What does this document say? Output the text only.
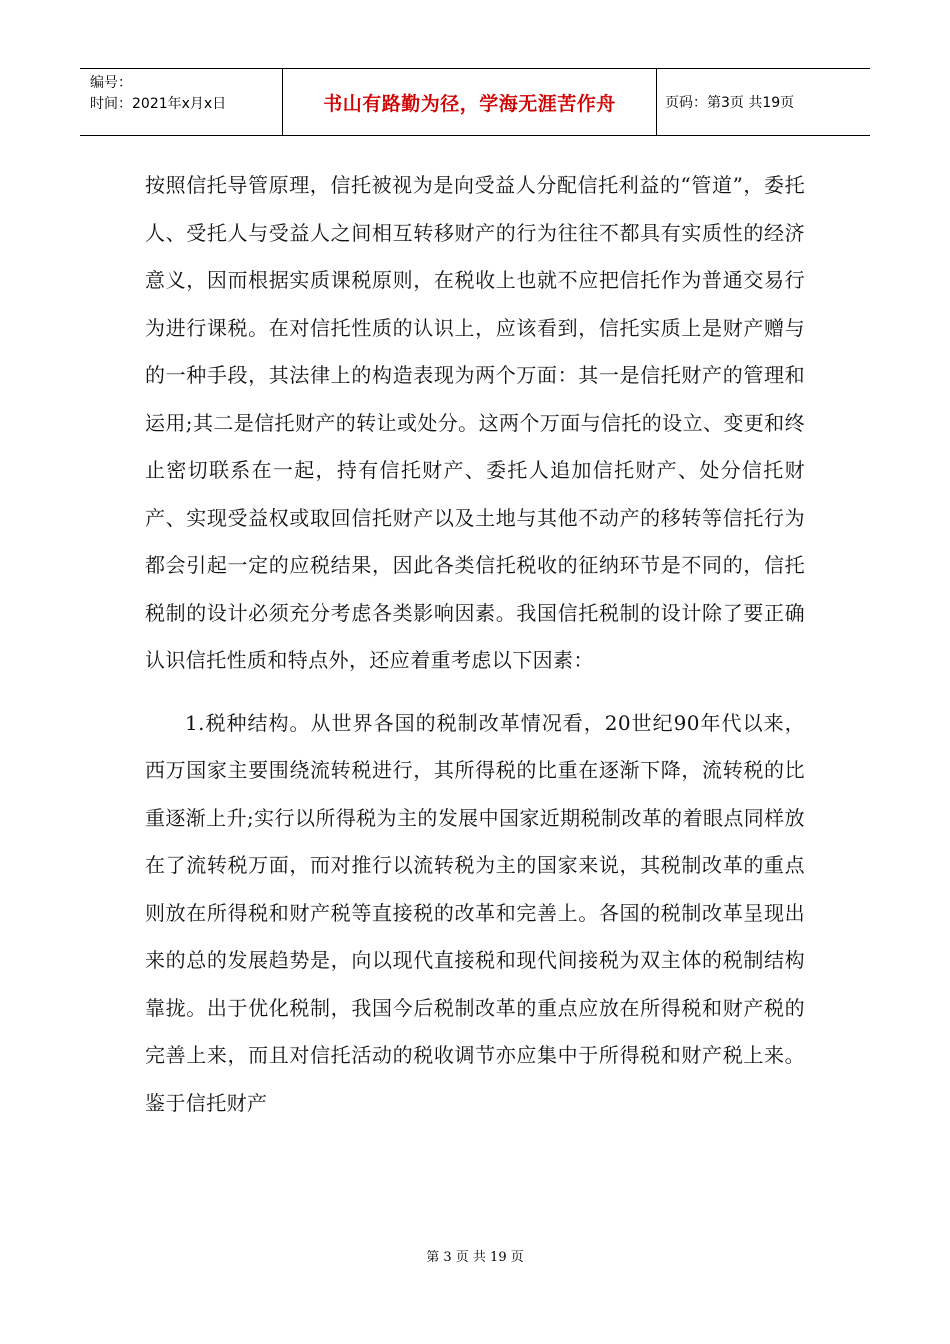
编号：
时间：2021年x月x日	书山有路勤为径，学海无涯苦作舟	页码：第3页 共19页

按照信托导管原理，信托被视为是向受益人分配信托利益的“管道”，委托人、受托人与受益人之间相互转移财产的行为往往不都具有实质性的经济意义，因而根据实质课税原则，在税收上也就不应把信托作为普通交易行为进行课税。在对信托性质的认识上，应该看到，信托实质上是财产赠与的一种手段，其法律上的构造表现为两个万面：其一是信托财产的管理和运用;其二是信托财产的转让或处分。这两个万面与信托的设立、变更和终止密切联系在一起，持有信托财产、委托人追加信托财产、处分信托财产、实现受益权或取回信托财产以及土地与其他不动产的移转等信托行为都会引起一定的应税结果，因此各类信托税收的征纳环节是不同的，信托税制的设计必须充分考虑各类影响因素。我国信托税制的设计除了要正确认识信托性质和特点外，还应着重考虑以下因素：

1.税种结构。从世界各国的税制改革情况看，20世纪90年代以来，西万国家主要围绕流转税进行，其所得税的比重在逐渐下降，流转税的比重逐渐上升;实行以所得税为主的发展中国家近期税制改革的着眼点同样放在了流转税万面，而对推行以流转税为主的国家来说，其税制改革的重点则放在所得税和财产税等直接税的改革和完善上。各国的税制改革呈现出来的总的发展趋势是，向以现代直接税和现代间接税为双主体的税制结构靠拢。出于优化税制，我国今后税制改革的重点应放在所得税和财产税的完善上来，而且对信托活动的税收调节亦应集中于所得税和财产税上来。鉴于信托财产

第 3 页 共 19 页
